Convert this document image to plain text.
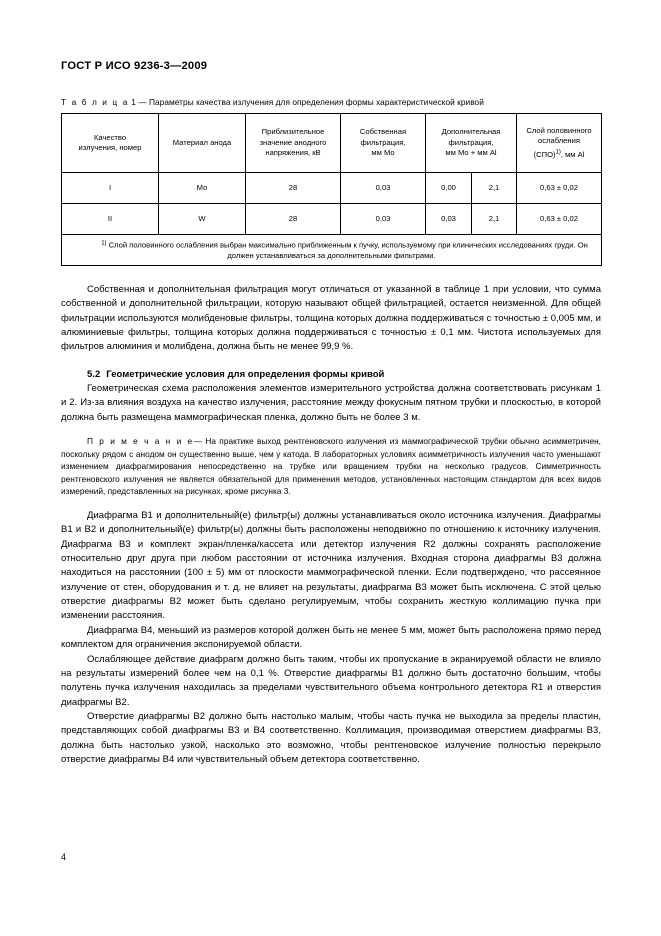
ГОСТ Р ИСО 9236-3—2009
Т а б л и ц а 1 — Параметры качества излучения для определения формы характеристической кривой
Качество
излучения, номер

Материал анода

Приблизительное
значение анодного
напряжения, кВ

Собственная
фильтрация,
мм Мо

Дополнительная
фильтрация,
мм Мо + мм Al

Слой половинного
ослабления
(СПО)$^{1)}$, мм Al

I	Мо	28	0,03	0,00	2,1	0,63 ± 0,02
II	W	28	0,03	0,03	2,1	0,63 ± 0,02
$^{1)}$ Слой половинного ослабления выбран максимально приближенным к пучку, используемому при клинических исследованиях груди. Он должен устанавливаться за дополнительными фильтрами.						

Собственная и дополнительная фильтрация могут отличаться от указанной в таблице 1 при условии, что сумма собственной и дополнительной фильтрации, которую называют общей фильтрацией, остается неизменной. Для общей фильтрации используются молибденовые фильтры, толщина которых должна поддерживаться с точностью ± 0,005 мм, и алюминиевые фильтры, толщина которых должна поддерживаться с точностью ± 0,1 мм. Чистота используемых для фильтров алюминия и молибдена, должна быть не менее 99,9 %.

5.2 Геометрические условия для определения формы кривой

Геометрическая схема расположения элементов измерительного устройства должна соответствовать рисункам 1 и 2. Из-за влияния воздуха на качество излучения, расстояние между фокусным пятном трубки и плоскостью, в которой должна быть размещена маммографическая пленка, должно быть не более 3 м.

П р и м е ч а н и е— На практике выход рентгеновского излучения из маммографической трубки обычно асимметричен, поскольку рядом с анодом он существенно выше, чем у катода. В лабораторных условиях асимметричность излучения часто уменьшают изменением диафрагмирования непосредственно на трубке или вращением трубки на несколько градусов. Симметричность рентгеновского излучения не является обязательной для применения методов, установленных настоящим стандартом для всех видов измерений, представленных на рисунках, кроме рисунка 3.

Диафрагма В1 и дополнительный(е) фильтр(ы) должны устанавливаться около источника излучения. Диафрагмы В1 и В2 и дополнительный(е) фильтр(ы) должны быть расположены неподвижно по отношению к источнику излучения. Диафрагма В3 и комплект экран/пленка/кассета или детектор излучения R2 должны сохранять расположение относительно друг друга при любом расстоянии от источника излучения. Входная сторона диафрагмы В3 должна находиться на расстоянии (100 ± 5) мм от плоскости маммографической пленки. Если подтверждено, что рассеянное излучение от стен, оборудования и т. д. не влияет на результаты, диафрагма В3 может быть исключена. С этой целью отверстие диафрагмы В2 может быть сделано регулируемым, чтобы сохранить жесткую коллимацию пучка при изменении расстояния.

Диафрагма В4, меньший из размеров которой должен быть не менее 5 мм, может быть расположена прямо перед комплектом для ограничения экспонируемой области.

Ослабляющее действие диафрагм должно быть таким, чтобы их пропускание в экранируемой области не влияло на результаты измерений более чем на 0,1 %. Отверстие диафрагмы В1 должно быть достаточно большим, чтобы полутень пучка излучения находилась за пределами чувствительного объема контрольного детектора R1 и отверстия диафрагмы В2.

Отверстие диафрагмы В2 должно быть настолько малым, чтобы часть пучка не выходила за пределы пластин, представляющих собой диафрагмы В3 и В4 соответственно. Коллимация, производимая отверстием диафрагмы В3, должна быть настолько узкой, насколько это возможно, чтобы рентгеновское излучение полностью перекрыло отверстие диафрагмы В4 или чувствительный объем детектора соответственно.

4
